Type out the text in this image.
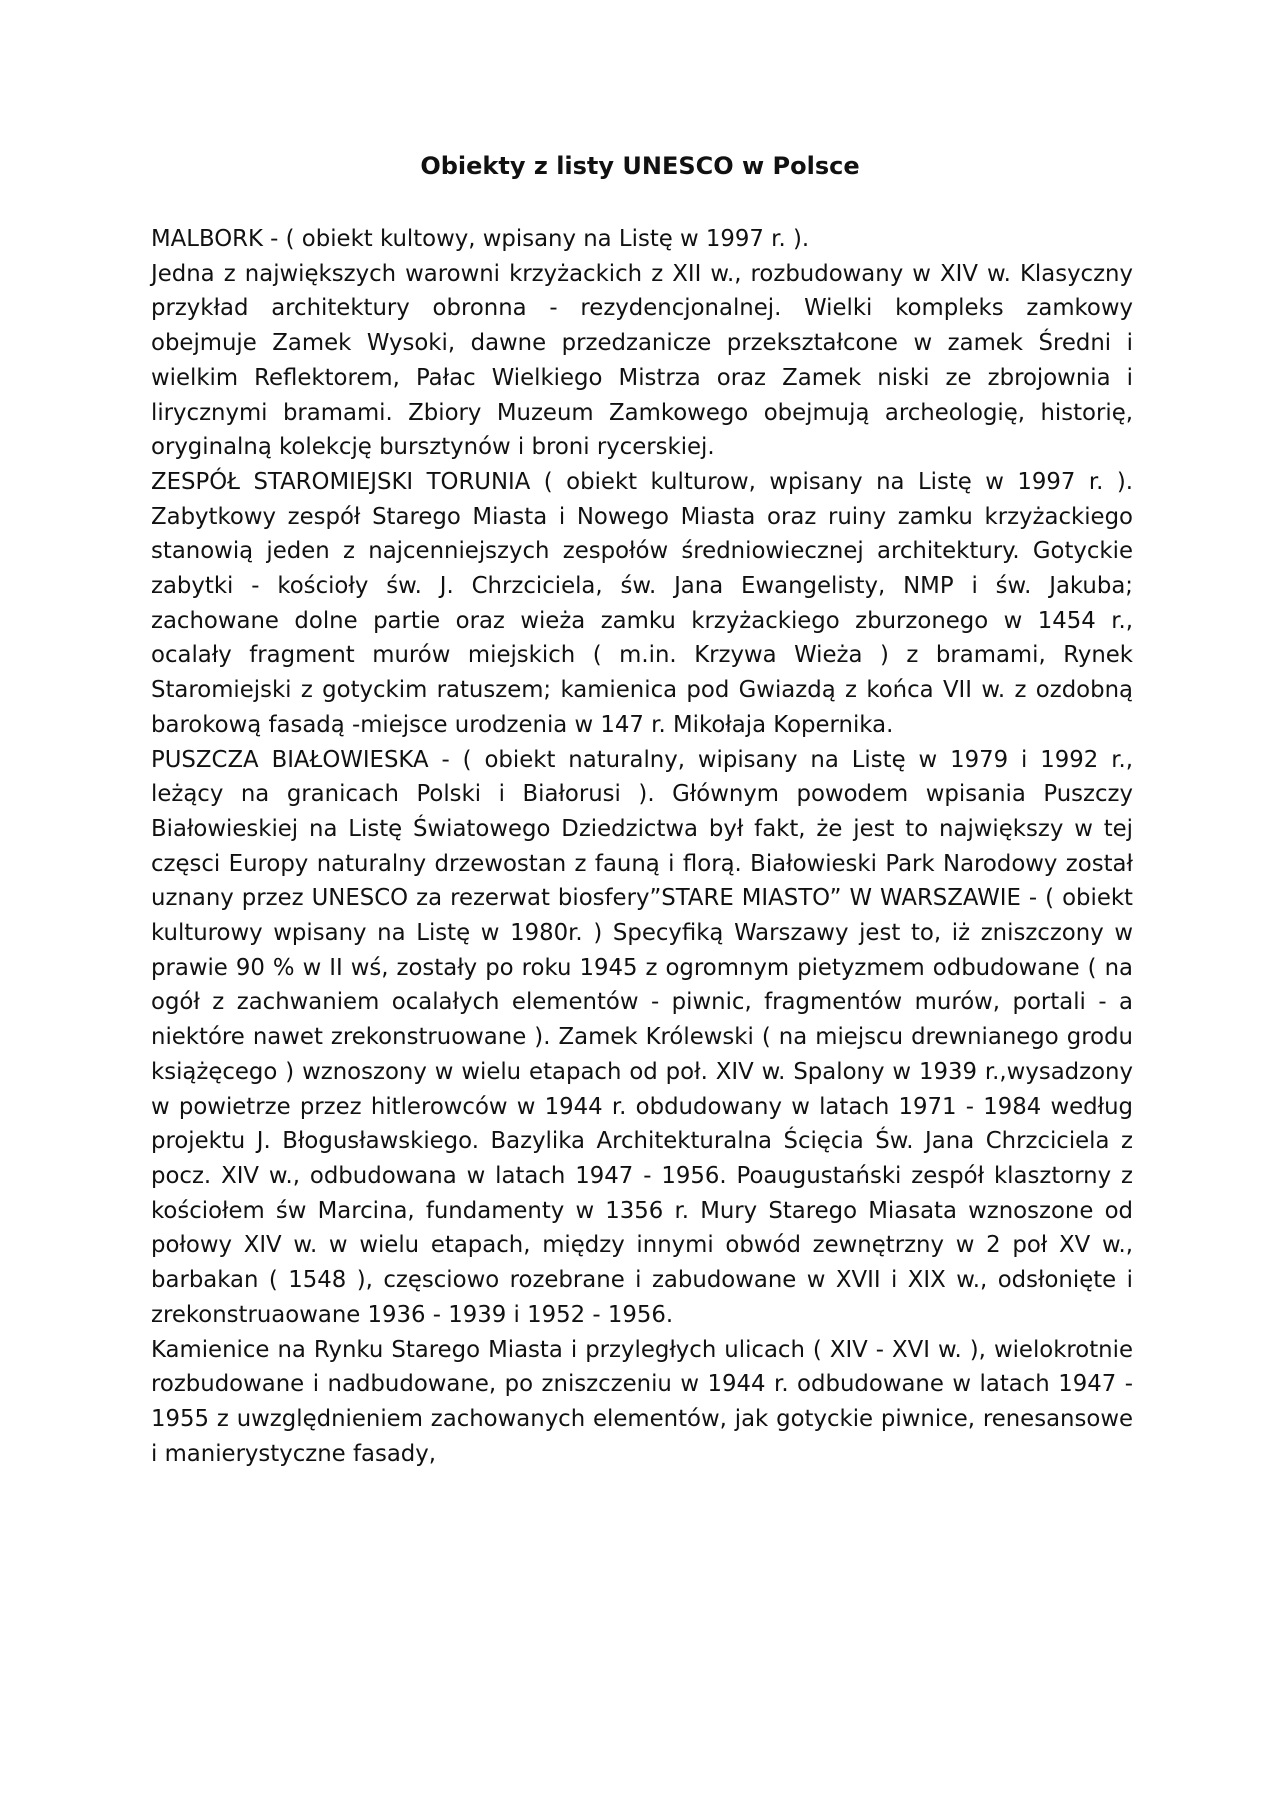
Obiekty z listy UNESCO w Polsce

MALBORK - ( obiekt kultowy, wpisany na Listę w 1997 r. ).

Jedna z największych warowni krzyżackich z XII w., rozbudowany w XIV w. Klasyczny przykład architektury obronna - rezydencjonalnej. Wielki kompleks zamkowy obejmuje Zamek Wysoki, dawne przedzanicze przekształcone w zamek Średni i wielkim Reflektorem, Pałac Wielkiego Mistrza oraz Zamek niski ze zbrojownia i lirycznymi bramami. Zbiory Muzeum Zamkowego obejmują archeologię, historię, oryginalną kolekcję bursztynów i broni rycerskiej.

ZESPÓŁ STAROMIEJSKI TORUNIA ( obiekt kulturow, wpisany na Listę w 1997 r. ). Zabytkowy zespół Starego Miasta i Nowego Miasta oraz ruiny zamku krzyżackiego stanowią jeden z najcenniejszych zespołów średniowiecznej architektury. Gotyckie zabytki - kościoły św. J. Chrzciciela, św. Jana Ewangelisty, NMP i św. Jakuba; zachowane dolne partie oraz wieża zamku krzyżackiego zburzonego w 1454 r., ocalały fragment murów miejskich ( m.in. Krzywa Wieża ) z bramami, Rynek Staromiejski z gotyckim ratuszem; kamienica pod Gwiazdą z końca VII w. z ozdobną barokową fasadą -miejsce urodzenia w 147 r. Mikołaja Kopernika.

PUSZCZA BIAŁOWIESKA - ( obiekt naturalny, wipisany na Listę w 1979 i 1992 r., leżący na granicach Polski i Białorusi ). Głównym powodem wpisania Puszczy Białowieskiej na Listę Światowego Dziedzictwa był fakt, że jest to największy w tej częsci Europy naturalny drzewostan z fauną i florą. Białowieski Park Narodowy został uznany przez UNESCO za rezerwat biosfery”STARE MIASTO” W WARSZAWIE - ( obiekt kulturowy wpisany na Listę w 1980r. ) Specyfiką Warszawy jest to, iż zniszczony w prawie 90 % w II wś, zostały po roku 1945 z ogromnym pietyzmem odbudowane ( na ogół z zachwaniem ocalałych elementów - piwnic, fragmentów murów, portali - a niektóre nawet zrekonstruowane ). Zamek Królewski ( na miejscu drewnianego grodu książęcego ) wznoszony w wielu etapach od poł. XIV w. Spalony w 1939 r.,wysadzony w powietrze przez hitlerowców w 1944 r. obdudowany w latach 1971 - 1984 według projektu J. Błogusławskiego. Bazylika Architekturalna Ścięcia Św. Jana Chrzciciela z pocz. XIV w., odbudowana w latach 1947 - 1956. Poaugustański zespół klasztorny z kościołem św Marcina, fundamenty w 1356 r. Mury Starego Miasata wznoszone od połowy XIV w. w wielu etapach, między innymi obwód zewnętrzny w 2 poł XV w., barbakan ( 1548 ), częsciowo rozebrane i zabudowane w XVII i XIX w., odsłonięte i zrekonstruaowane 1936 - 1939 i 1952 - 1956.

Kamienice na Rynku Starego Miasta i przyległych ulicach ( XIV - XVI w. ), wielokrotnie rozbudowane i nadbudowane, po zniszczeniu w 1944 r. odbudowane w latach 1947 - 1955 z uwzględnieniem zachowanych elementów, jak gotyckie piwnice, renesansowe i manierystyczne fasady,
